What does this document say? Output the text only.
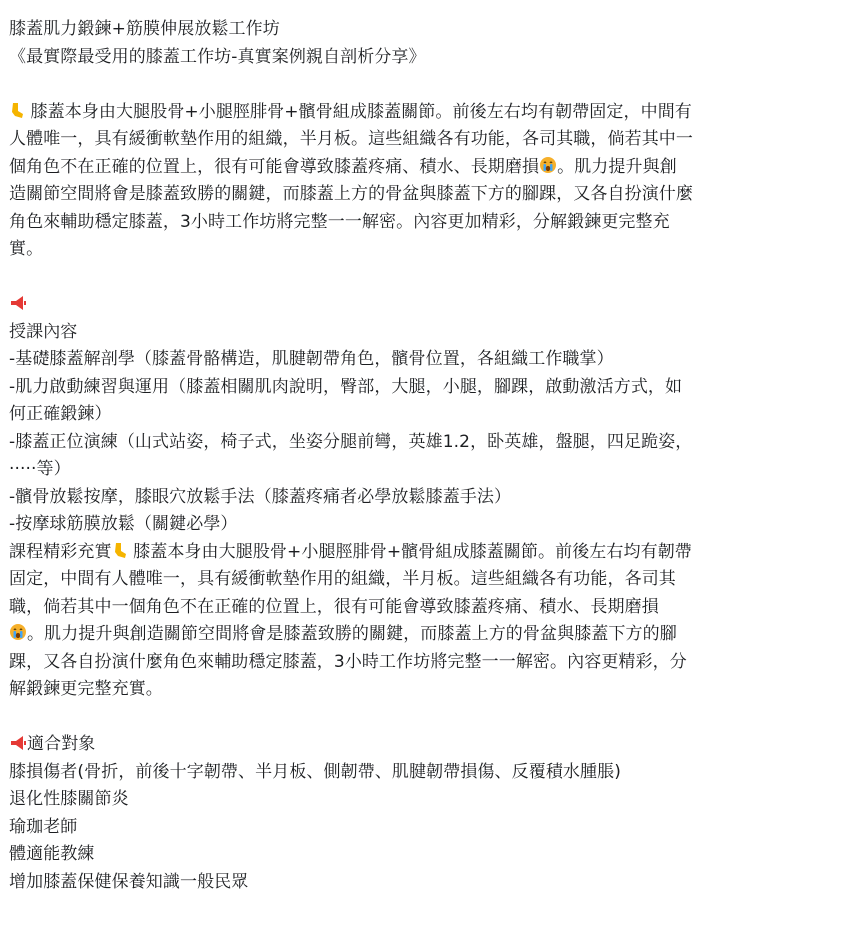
膝蓋肌力鍛鍊+筋膜伸展放鬆工作坊
《最實際最受用的膝蓋工作坊-真實案例親自剖析分享》
膝蓋本身由大腿股骨+小腿脛腓骨+髕骨組成膝蓋關節。前後左右均有韌帶固定，中間有
人體唯一，具有緩衝軟墊作用的組織，半月板。這些組織各有功能，各司其職，倘若其中一
個角色不在正確的位置上，很有可能會導致膝蓋疼痛、積水、長期磨損 。肌力提升與創
造關節空間將會是膝蓋致勝的關鍵，而膝蓋上方的骨盆與膝蓋下方的腳踝，又各自扮演什麼
角色來輔助穩定膝蓋，3小時工作坊將完整一一解密。內容更加精彩，分解鍛鍊更完整充
實。
授課內容
-基礎膝蓋解剖學（膝蓋骨骼構造，肌腱韌帶角色，髕骨位置，各組織工作職掌）
-肌力啟動練習與運用（膝蓋相關肌肉說明，臀部，大腿，小腿，腳踝，啟動激活方式，如
何正確鍛鍊）
-膝蓋正位演練（山式站姿，椅子式，坐姿分腿前彎，英雄1.2，卧英雄，盤腿，四足跪姿，
·····等）
-髕骨放鬆按摩，膝眼穴放鬆手法（膝蓋疼痛者必學放鬆膝蓋手法）
-按摩球筋膜放鬆（關鍵必學）
課程精彩充實 膝蓋本身由大腿股骨+小腿脛腓骨+髕骨組成膝蓋關節。前後左右均有韌帶
固定，中間有人體唯一，具有緩衝軟墊作用的組織，半月板。這些組織各有功能，各司其
職，倘若其中一個角色不在正確的位置上，很有可能會導致膝蓋疼痛、積水、長期磨損
。肌力提升與創造關節空間將會是膝蓋致勝的關鍵，而膝蓋上方的骨盆與膝蓋下方的腳
踝，又各自扮演什麼角色來輔助穩定膝蓋，3小時工作坊將完整一一解密。內容更精彩，分
解鍛鍊更完整充實。
適合對象
膝損傷者(骨折，前後十字韌帶、半月板、側韌帶、肌腱韌帶損傷、反覆積水腫脹)
退化性膝關節炎
瑜珈老師
體適能教練
增加膝蓋保健保養知識一般民眾
